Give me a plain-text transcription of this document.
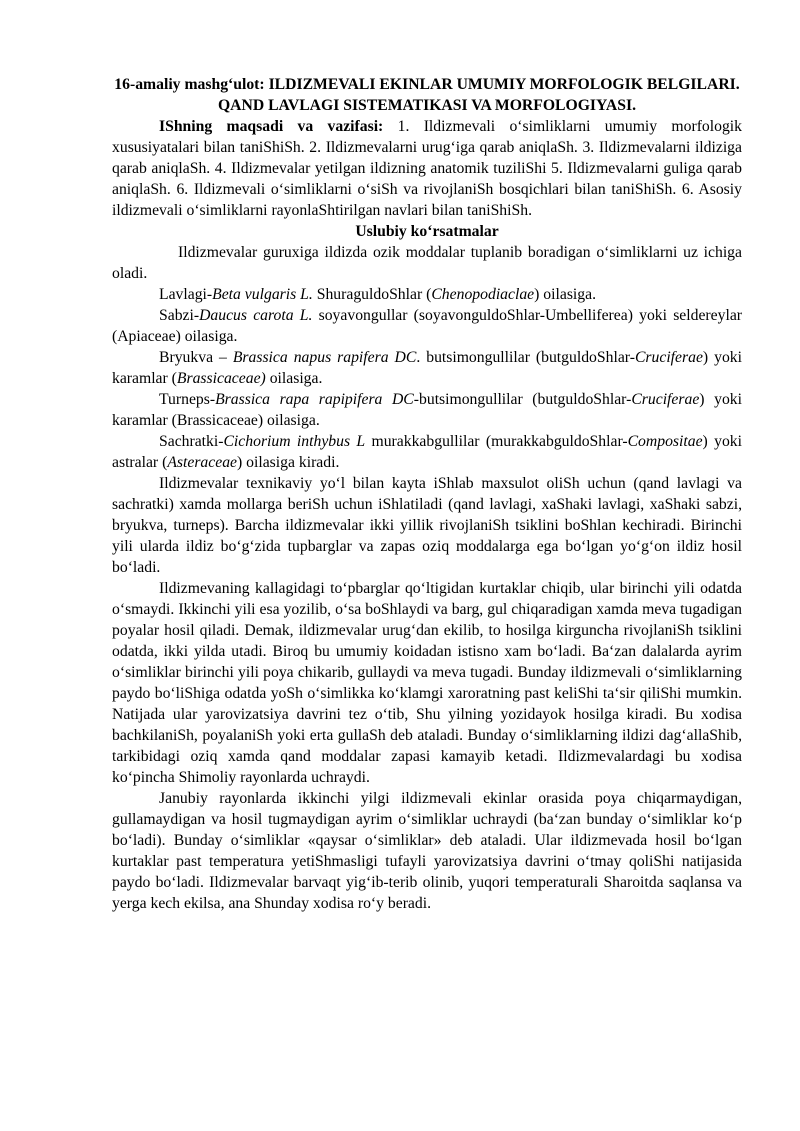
16-amaliy mashg‘ulot: ILDIZMEVALI EKINLAR UMUMIY MORFOLOGIK BELGILARI. QAND LAVLAGI SISTEMATIKASI VA MORFOLOGIYASI.

IShning maqsadi va vazifasi: 1. Ildizmevali o‘simliklarni umumiy morfologik xususiyatalari bilan taniShiSh. 2. Ildizmevalarni urug‘iga qarab aniqlaSh. 3. Ildizmevalarni ildiziga qarab aniqlaSh. 4. Ildizmevalar yetilgan ildizning anatomik tuziliShi 5. Ildizmevalarni guliga qarab aniqlaSh. 6. Ildizmevali o‘simliklarni o‘siSh va rivojlaniSh bosqichlari bilan taniShiSh. 6. Asosiy ildizmevali o‘simliklarni rayonlaShtirilgan navlari bilan taniShiSh.

Uslubiy ko‘rsatmalar

Ildizmevalar guruxiga ildizda ozik moddalar tuplanib boradigan o‘simliklarni uz ichiga oladi.

Lavlagi-Beta vulgaris L. ShuraguldoShlar (Chenopodiaclae) oilasiga.

Sabzi-Daucus carota L. soyavongullar (soyavonguldoShlar-Umbelliferea) yoki seldereylar (Apiaceae) oilasiga.

Bryukva – Brassica napus rapifera DC. butsimongullilar (butguldoShlar-Cruciferae) yoki karamlar (Brassicaceae) oilasiga.

Turneps-Brassica rapa rapipifera DC-butsimongullilar (butguldoShlar-Cruciferae) yoki karamlar (Brassicaceae) oilasiga.

Sachratki-Cichorium inthybus L murakkabgullilar (murakkabguldoShlar-Compositae) yoki astralar (Asteraceae) oilasiga kiradi.

Ildizmevalar texnikaviy yo‘l bilan kayta iShlab maxsulot oliSh uchun (qand lavlagi va sachratki) xamda mollarga beriSh uchun iShlatiladi (qand lavlagi, xaShaki lavlagi, xaShaki sabzi, bryukva, turneps). Barcha ildizmevalar ikki yillik rivojlaniSh tsiklini boShlan kechiradi. Birinchi yili ularda ildiz bo‘g‘zida tupbarglar va zapas oziq moddalarga ega bo‘lgan yo‘g‘on ildiz hosil bo‘ladi.

Ildizmevaning kallagidagi to‘pbarglar qo‘ltigidan kurtaklar chiqib, ular birinchi yili odatda o‘smaydi. Ikkinchi yili esa yozilib, o‘sa boShlaydi va barg, gul chiqaradigan xamda meva tugadigan poyalar hosil qiladi. Demak, ildizmevalar urug‘dan ekilib, to hosilga kirguncha rivojlaniSh tsiklini odatda, ikki yilda utadi. Biroq bu umumiy koidadan istisno xam bo‘ladi. Ba‘zan dalalarda ayrim o‘simliklar birinchi yili poya chikarib, gullaydi va meva tugadi. Bunday ildizmevali o‘simliklarning paydo bo‘liShiga odatda yoSh o‘simlikka ko‘klamgi xaroratning past keliShi ta‘sir qiliShi mumkin. Natijada ular yarovizatsiya davrini tez o‘tib, Shu yilning yozidayok hosilga kiradi. Bu xodisa bachkilaniSh, poyalaniSh yoki erta gullaSh deb ataladi. Bunday o‘simliklarning ildizi dag‘allaShib, tarkibidagi oziq xamda qand moddalar zapasi kamayib ketadi. Ildizmevalardagi bu xodisa ko‘pincha Shimoliy rayonlarda uchraydi.

Janubiy rayonlarda ikkinchi yilgi ildizmevali ekinlar orasida poya chiqarmaydigan, gullamaydigan va hosil tugmaydigan ayrim o‘simliklar uchraydi (ba‘zan bunday o‘simliklar ko‘p bo‘ladi). Bunday o‘simliklar «qaysar o‘simliklar» deb ataladi. Ular ildizmevada hosil bo‘lgan kurtaklar past temperatura yetiShmasligi tufayli yarovizatsiya davrini o‘tmay qoliShi natijasida paydo bo‘ladi. Ildizmevalar barvaqt yig‘ib-terib olinib, yuqori temperaturali Sharoitda saqlansa va yerga kech ekilsa, ana Shunday xodisa ro‘y beradi.
